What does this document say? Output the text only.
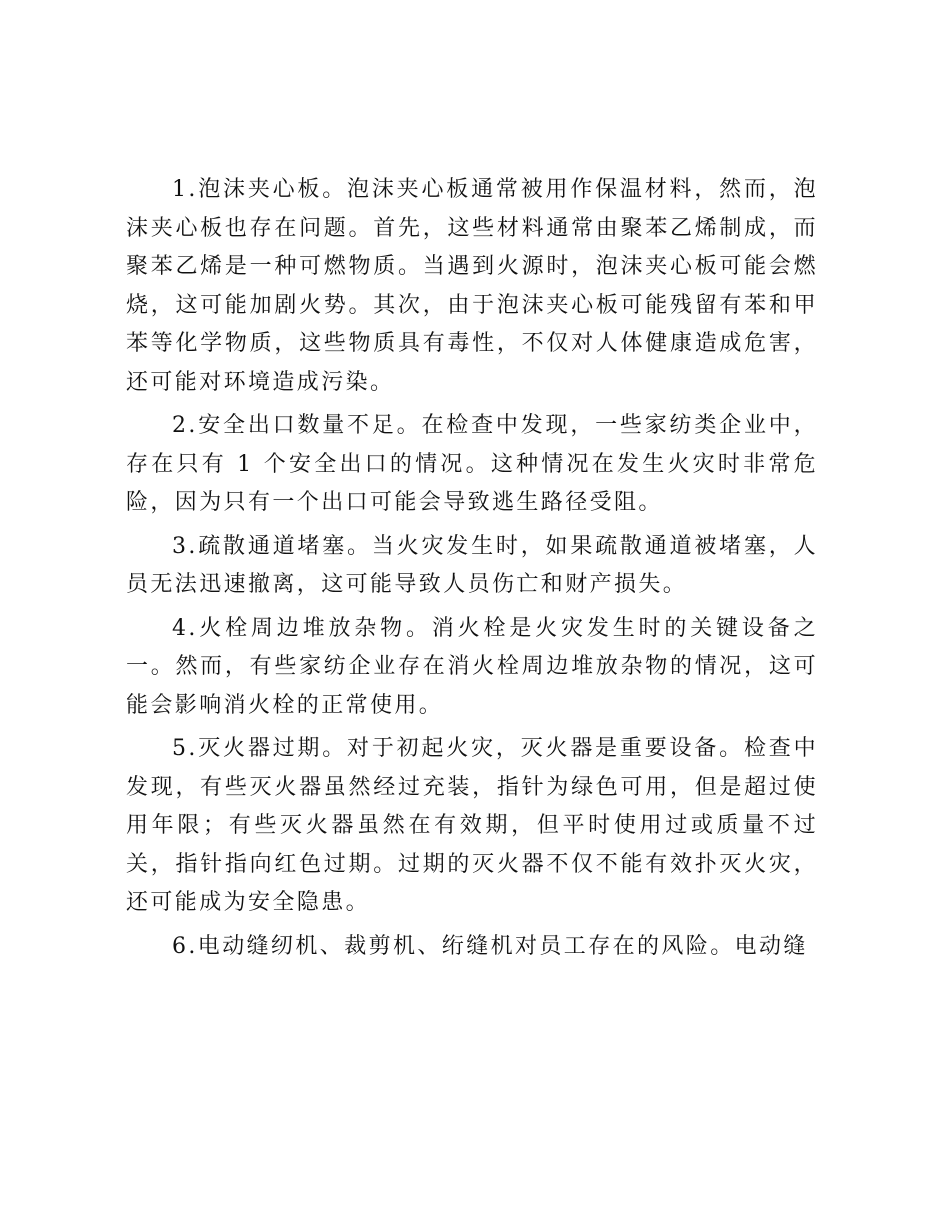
1.泡沫夹心板。泡沫夹心板通常被用作保温材料，然而，泡沫夹心板也存在问题。首先，这些材料通常由聚苯乙烯制成，而聚苯乙烯是一种可燃物质。当遇到火源时，泡沫夹心板可能会燃烧，这可能加剧火势。其次，由于泡沫夹心板可能残留有苯和甲苯等化学物质，这些物质具有毒性，不仅对人体健康造成危害，还可能对环境造成污染。

2.安全出口数量不足。在检查中发现，一些家纺类企业中，存在只有 1 个安全出口的情况。这种情况在发生火灾时非常危险，因为只有一个出口可能会导致逃生路径受阻。

3.疏散通道堵塞。当火灾发生时，如果疏散通道被堵塞，人员无法迅速撤离，这可能导致人员伤亡和财产损失。

4.火栓周边堆放杂物。消火栓是火灾发生时的关键设备之一。然而，有些家纺企业存在消火栓周边堆放杂物的情况，这可能会影响消火栓的正常使用。

5.灭火器过期。对于初起火灾，灭火器是重要设备。检查中发现，有些灭火器虽然经过充装，指针为绿色可用，但是超过使用年限；有些灭火器虽然在有效期，但平时使用过或质量不过关，指针指向红色过期。过期的灭火器不仅不能有效扑灭火灾，还可能成为安全隐患。

6.电动缝纫机、裁剪机、绗缝机对员工存在的风险。电动缝
